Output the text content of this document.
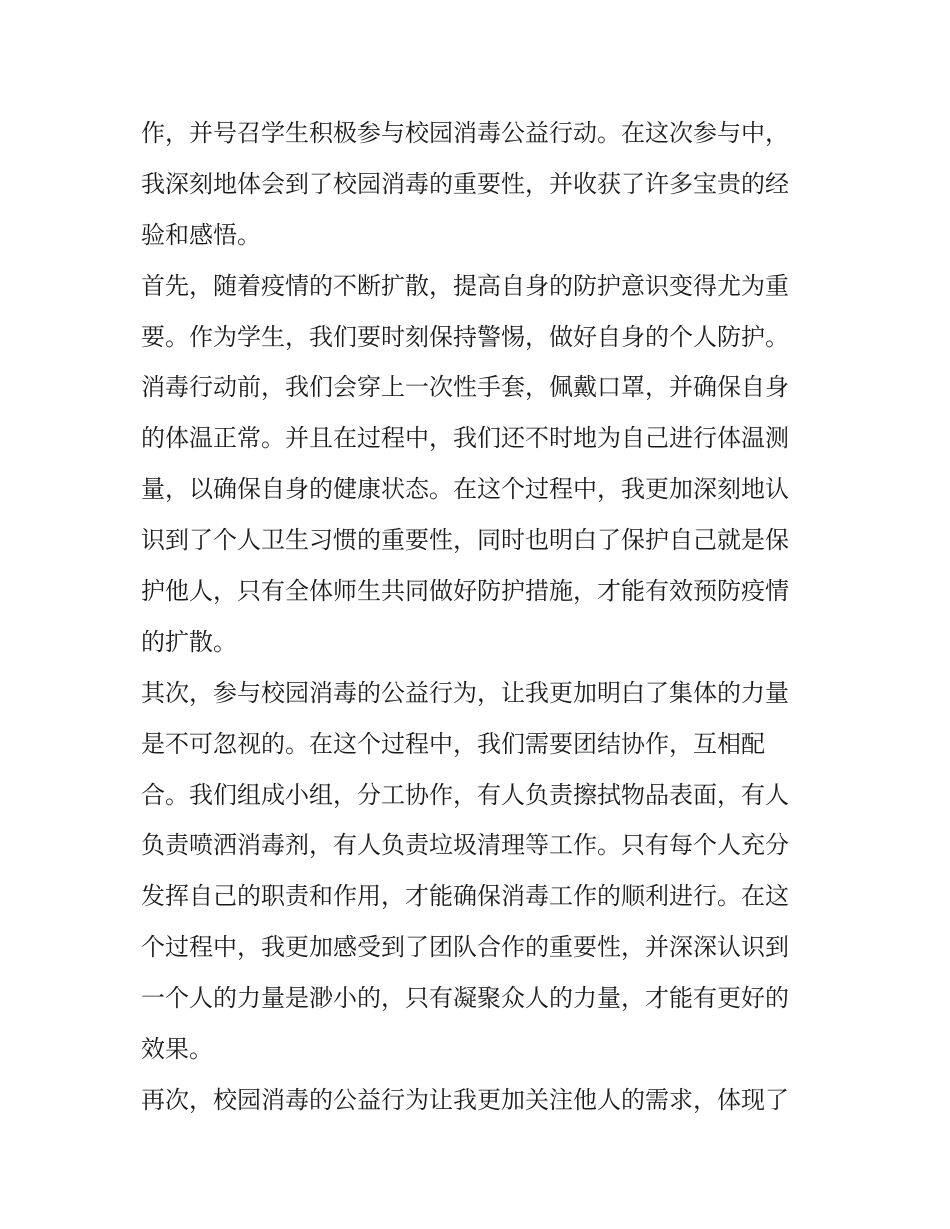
作，并号召学生积极参与校园消毒公益行动。在这次参与中，
我深刻地体会到了校园消毒的重要性，并收获了许多宝贵的经
验和感悟。
首先，随着疫情的不断扩散，提高自身的防护意识变得尤为重
要。作为学生，我们要时刻保持警惕，做好自身的个人防护。
消毒行动前，我们会穿上一次性手套，佩戴口罩，并确保自身
的体温正常。并且在过程中，我们还不时地为自己进行体温测
量，以确保自身的健康状态。在这个过程中，我更加深刻地认
识到了个人卫生习惯的重要性，同时也明白了保护自己就是保
护他人，只有全体师生共同做好防护措施，才能有效预防疫情
的扩散。
其次，参与校园消毒的公益行为，让我更加明白了集体的力量
是不可忽视的。在这个过程中，我们需要团结协作，互相配
合。我们组成小组，分工协作，有人负责擦拭物品表面，有人
负责喷洒消毒剂，有人负责垃圾清理等工作。只有每个人充分
发挥自己的职责和作用，才能确保消毒工作的顺利进行。在这
个过程中，我更加感受到了团队合作的重要性，并深深认识到
一个人的力量是渺小的，只有凝聚众人的力量，才能有更好的
效果。
再次，校园消毒的公益行为让我更加关注他人的需求，体现了
